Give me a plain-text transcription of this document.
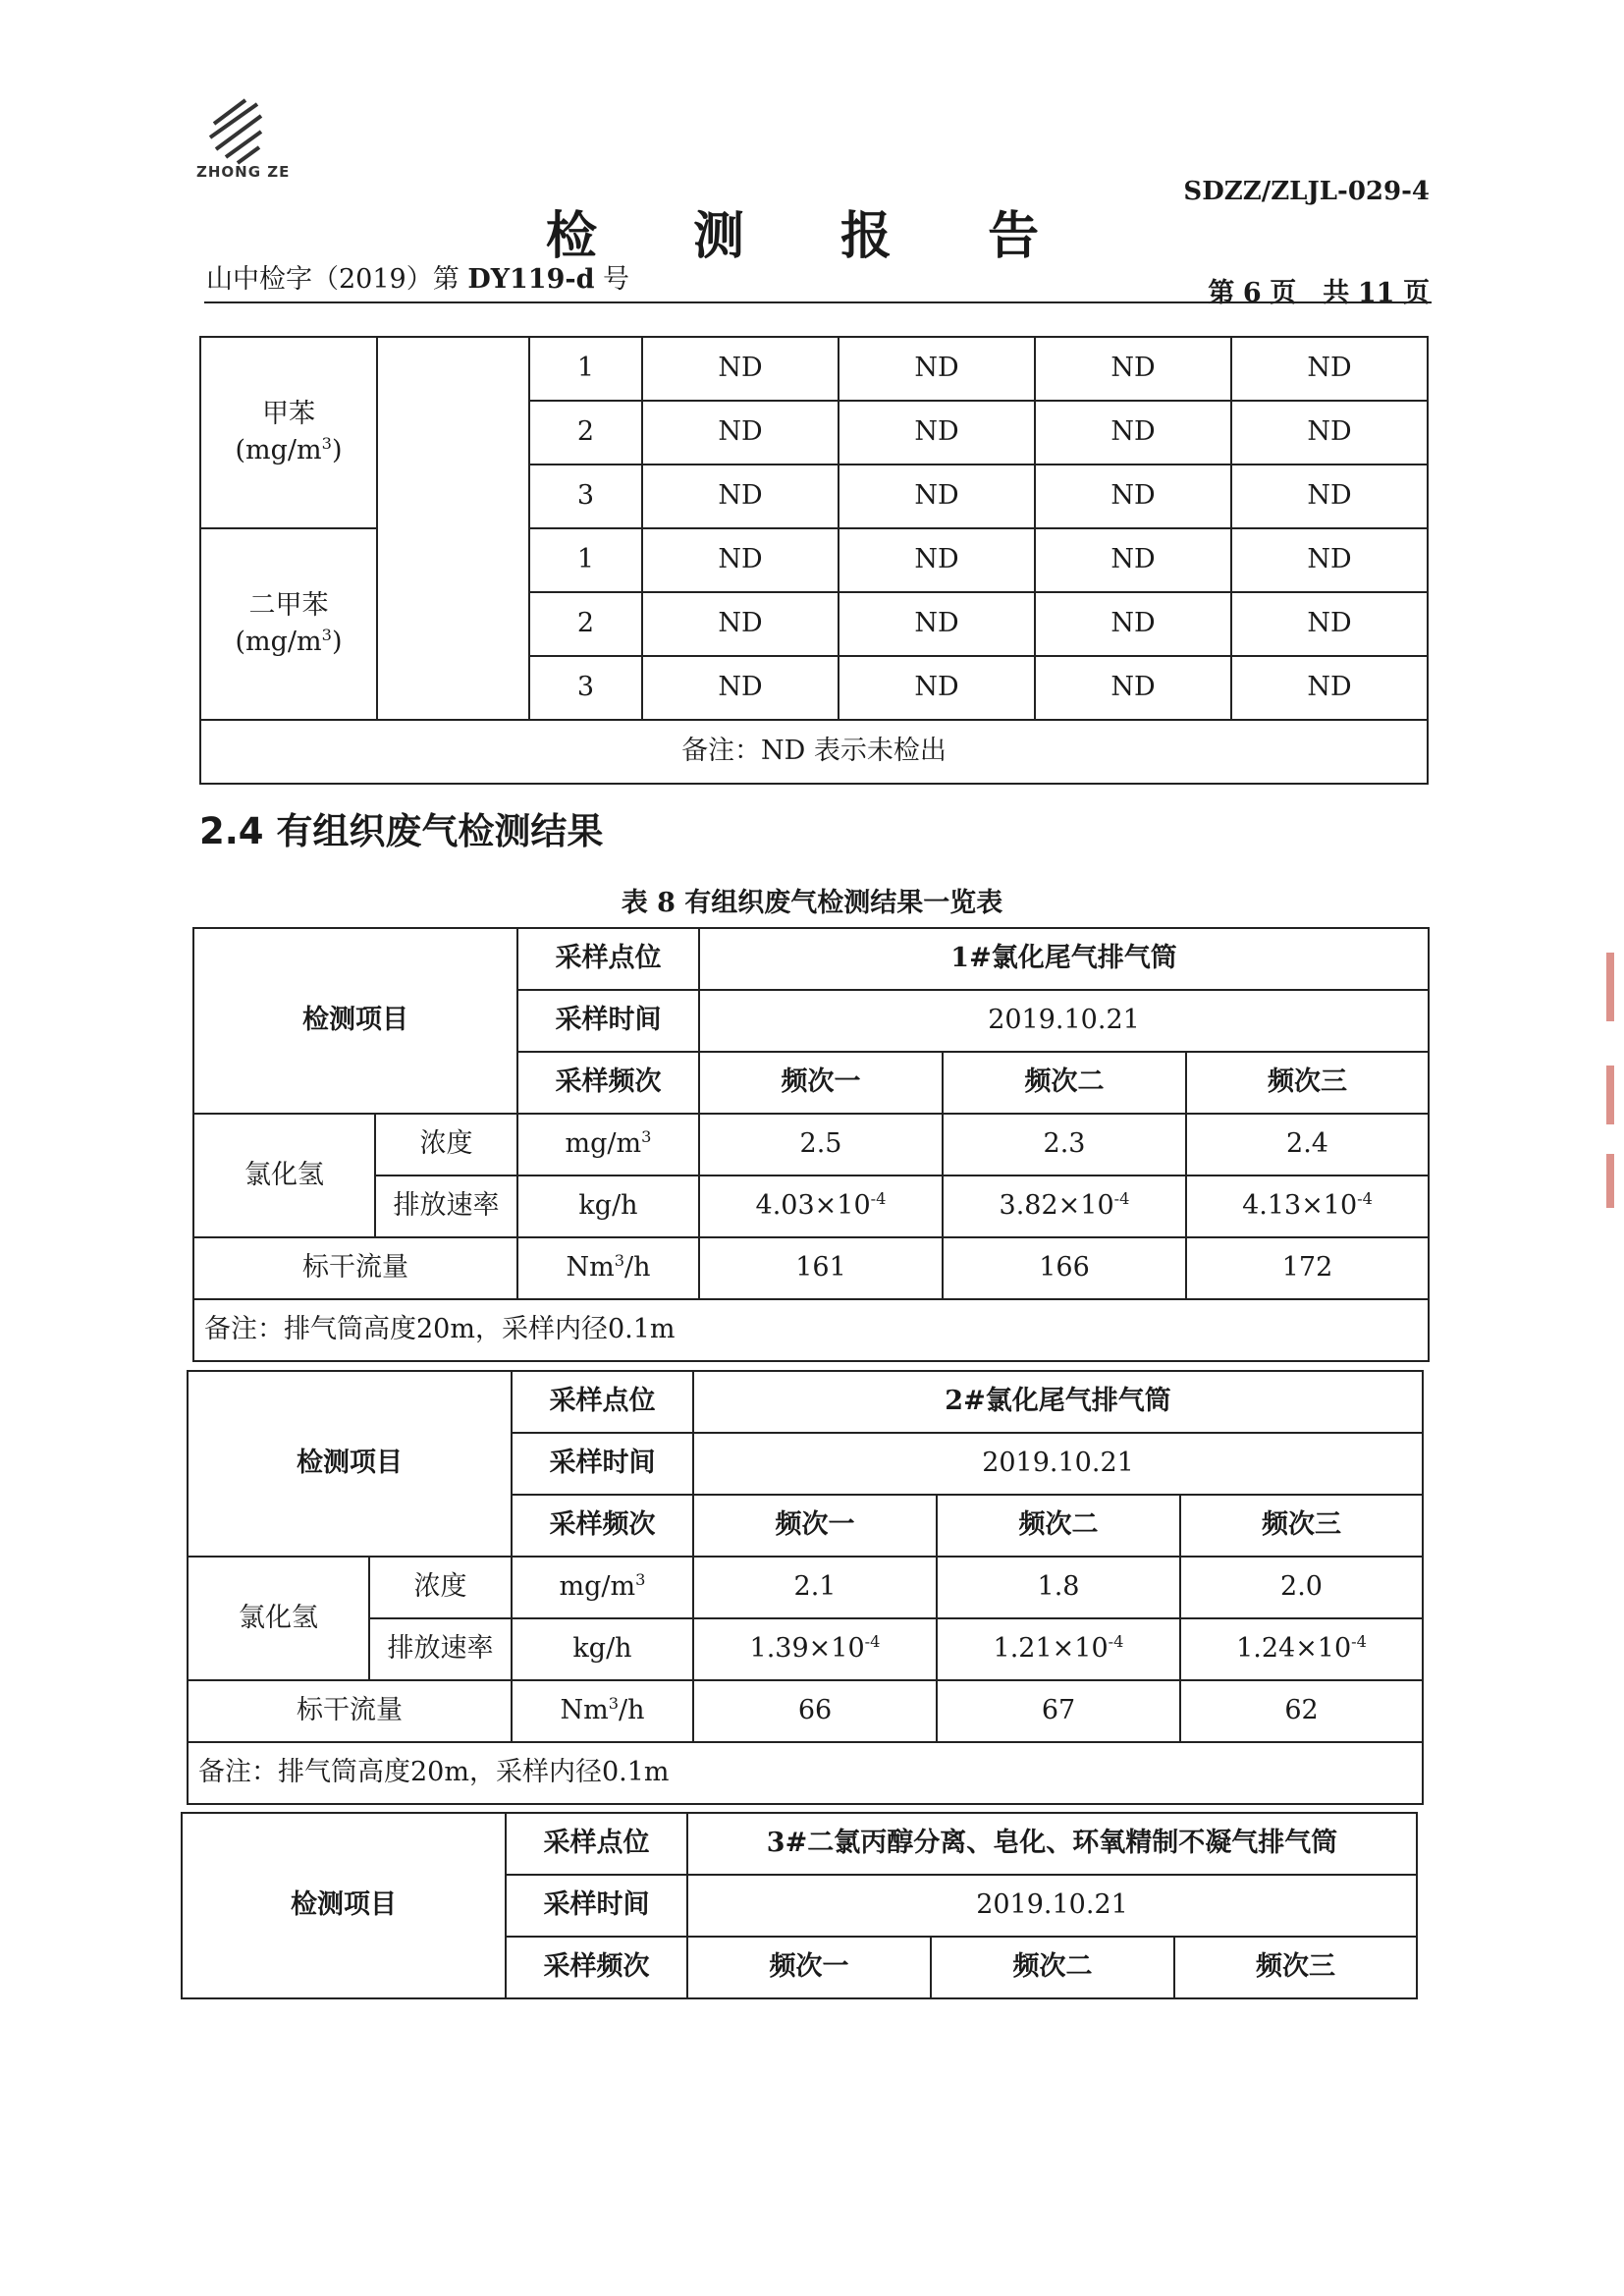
ZHONG ZE
SDZZ/ZLJL-029-4
检 测 报 告
山中检字（2019）第 DY119-d 号	第 6 页　共 11 页
甲苯
$(mg/m^3)$		1	ND	ND	ND	ND
		2	ND	ND	ND	ND
		3	ND	ND	ND	ND

二甲苯
$(mg/m^3)$		1	ND	ND	ND	ND
		2	ND	ND	ND	ND
		3	ND	ND	ND	ND
备注：ND 表示未检出						
2.4 有组织废气检测结果
表 8 有组织废气检测结果一览表
检测项目		采样点位	1#氯化尾气排气筒		
		采样时间	2019.10.21		
		采样频次	频次一	频次二	频次三
氯化氢	浓度	$mg/m^3$	2.5	2.3	2.4
	排放速率	kg/h	$4.03\times 10^{-4}$	$3.82\times 10^{-4}$	$4.13\times 10^{-4}$
标干流量		Nm$^3$/h	161	166	172
备注：排气筒高度20m，采样内径0.1m					
检测项目		采样点位	2#氯化尾气排气筒		
		采样时间	2019.10.21		
		采样频次	频次一	频次二	频次三
氯化氢	浓度	$mg/m^3$	2.1	1.8	2.0
	排放速率	kg/h	$1.39\times 10^{-4}$	$1.21\times 10^{-4}$	$1.24\times 10^{-4}$
标干流量		Nm$^3$/h	66	67	62
备注：排气筒高度20m，采样内径0.1m					
检测项目	采样点位	3#二氯丙醇分离、皂化、环氧精制不凝气排气筒		
	采样时间	2019.10.21		
	采样频次	频次一	频次二	频次三
